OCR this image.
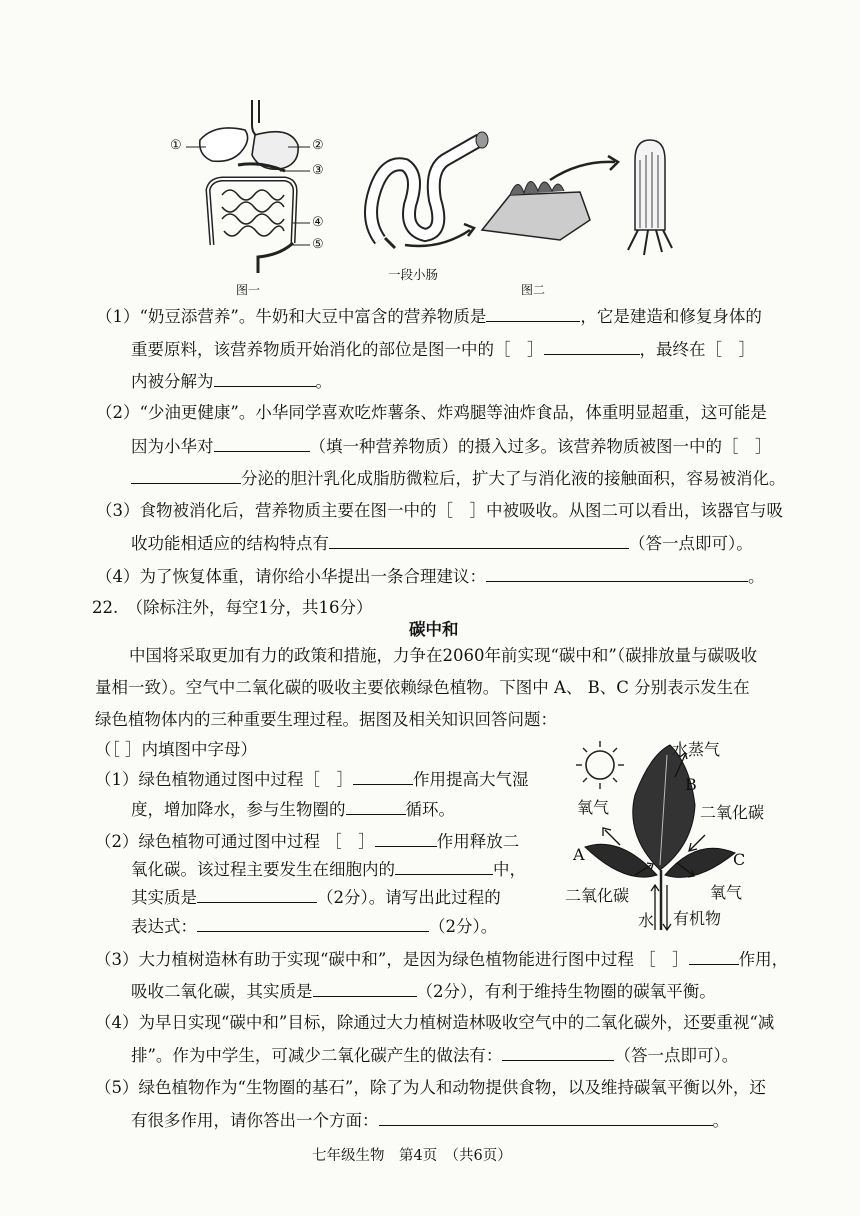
①	②
③
④
⑤
图一
一段小肠
图二
（1）“奶豆添营养”。牛奶和大豆中富含的营养物质是	，它是建造和修复身体的
重要原料，该营养物质开始消化的部位是图一中的［　］	，最终在［　］
内被分解为	。
（2）“少油更健康”。小华同学喜欢吃炸薯条、炸鸡腿等油炸食品，体重明显超重，这可能是
因为小华对	（填一种营养物质）的摄入过多。该营养物质被图一中的［　］
分泌的胆汁乳化成脂肪微粒后，扩大了与消化液的接触面积，容易被消化。
（3）食物被消化后，营养物质主要在图一中的［　］中被吸收。从图二可以看出，该器官与吸
收功能相适应的结构特点有	（答一点即可）。
（4）为了恢复体重，请你给小华提出一条合理建议：	。
22.　（除标注外，每空1分，共16分）
碳中和
中国将采取更加有力的政策和措施，力争在2060年前实现“碳中和”（碳排放量与碳吸收
量相一致）。空气中二氧化碳的吸收主要依赖绿色植物。下图中 A、 B、C 分别表示发生在
绿色植物体内的三种重要生理过程。据图及相关知识回答问题：
（［ ］内填图中字母）
（1）绿色植物通过图中过程［　］	作用提高大气湿
度，增加降水，参与生物圈的	循环。
（2）绿色植物可通过图中过程 ［　］	作用释放二
氧化碳。该过程主要发生在细胞内的	中，
其实质是	（2分）。请写出此过程的
表达式：	（2分）。
水蒸气
B
氧气	二氧化碳
A	C
二氧化碳	氧气
水 有机物
（3）大力植树造林有助于实现“碳中和”，是因为绿色植物能进行图中过程 ［　］	作用，
吸收二氧化碳，其实质是	（2分），有利于维持生物圈的碳氧平衡。
（4）为早日实现“碳中和”目标，除通过大力植树造林吸收空气中的二氧化碳外，还要重视“减
排”。作为中学生，可减少二氧化碳产生的做法有：	（答一点即可）。
（5）绿色植物作为“生物圈的基石”，除了为人和动物提供食物，以及维持碳氧平衡以外，还
有很多作用，请你答出一个方面：	。
七年级生物　第4页　（共6页）
